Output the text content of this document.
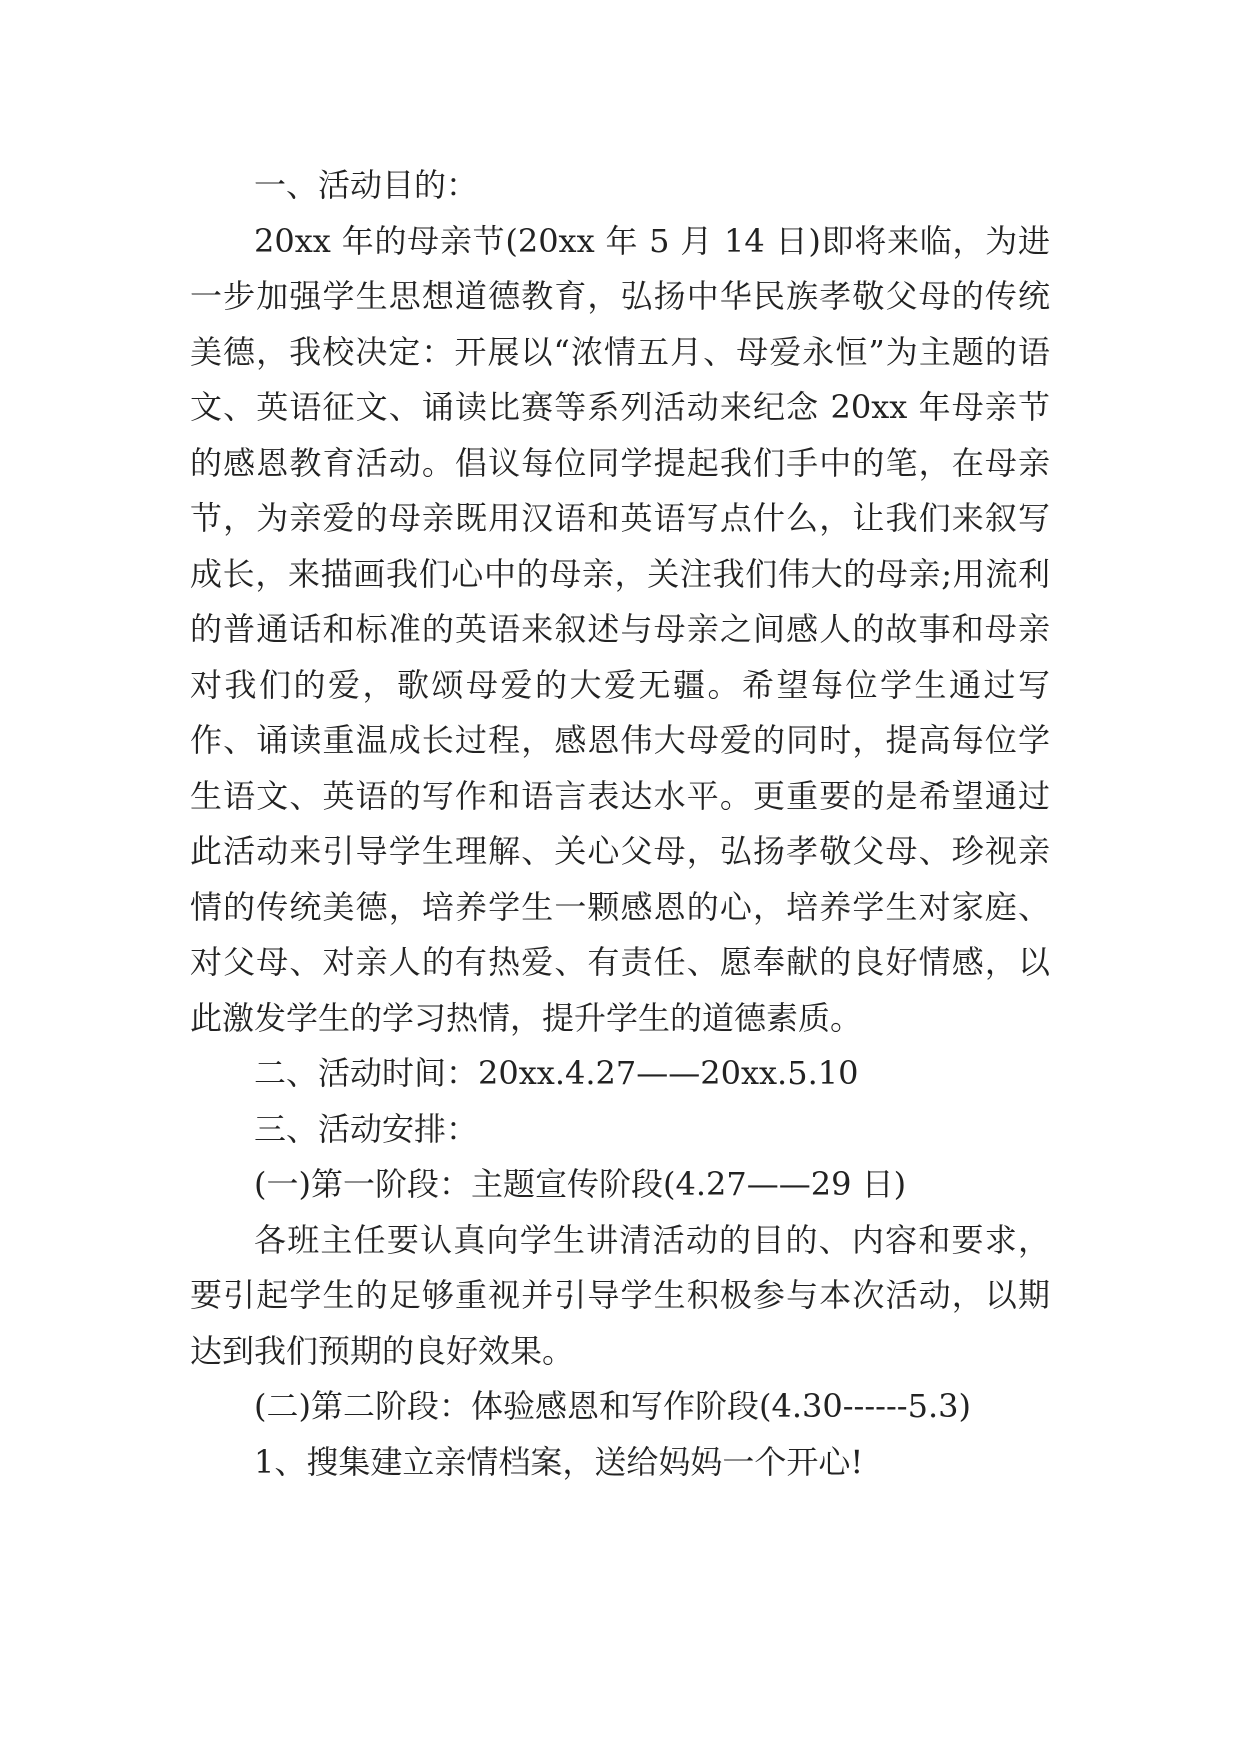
一、活动目的：

20xx 年的母亲节(20xx 年 5 月 14 日)即将来临，为进一步加强学生思想道德教育，弘扬中华民族孝敬父母的传统美德，我校决定：开展以“浓情五月、母爱永恒”为主题的语文、英语征文、诵读比赛等系列活动来纪念 20xx 年母亲节的感恩教育活动。倡议每位同学提起我们手中的笔，在母亲节，为亲爱的母亲既用汉语和英语写点什么，让我们来叙写成长，来描画我们心中的母亲，关注我们伟大的母亲;用流利的普通话和标准的英语来叙述与母亲之间感人的故事和母亲对我们的爱，歌颂母爱的大爱无疆。希望每位学生通过写作、诵读重温成长过程，感恩伟大母爱的同时，提高每位学生语文、英语的写作和语言表达水平。更重要的是希望通过此活动来引导学生理解、关心父母，弘扬孝敬父母、珍视亲情的传统美德，培养学生一颗感恩的心，培养学生对家庭、对父母、对亲人的有热爱、有责任、愿奉献的良好情感，以此激发学生的学习热情，提升学生的道德素质。

二、活动时间：20xx.4.27——20xx.5.10

三、活动安排：

(一)第一阶段：主题宣传阶段(4.27——29 日)

各班主任要认真向学生讲清活动的目的、内容和要求，要引起学生的足够重视并引导学生积极参与本次活动，以期达到我们预期的良好效果。

(二)第二阶段：体验感恩和写作阶段(4.30------5.3)

1、搜集建立亲情档案，送给妈妈一个开心!
